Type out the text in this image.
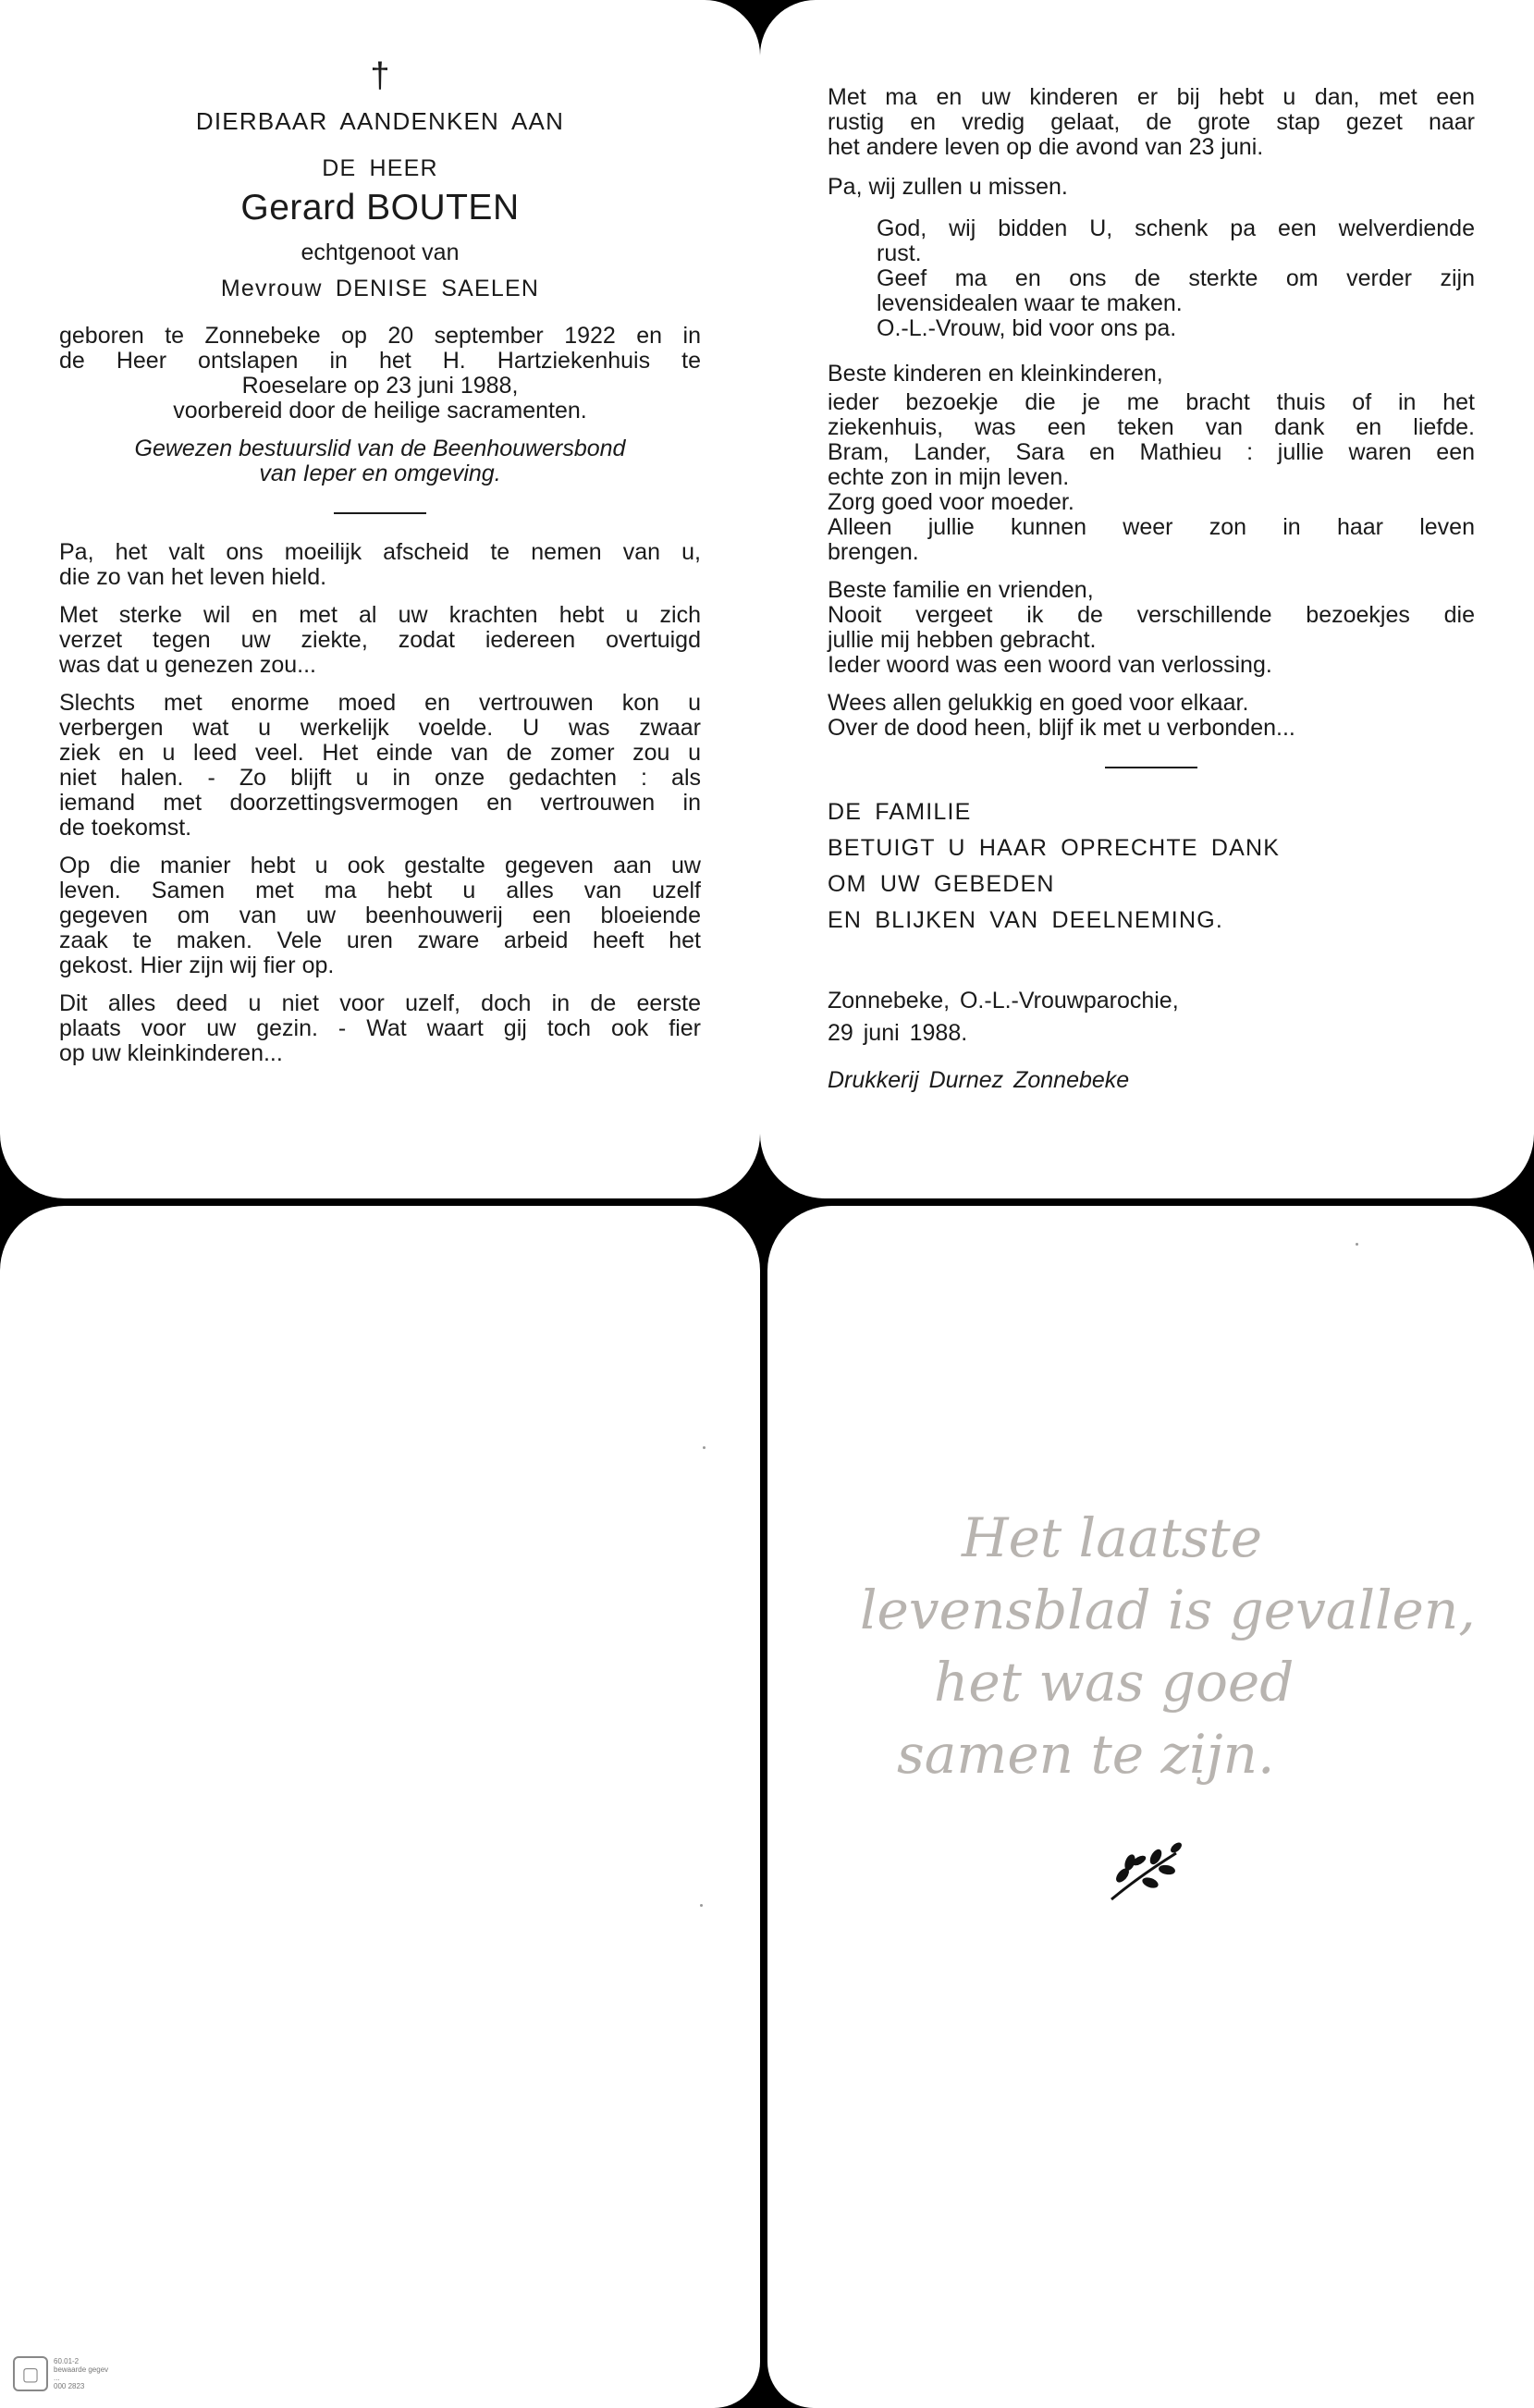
†
DIERBAAR AANDENKEN AAN
DE HEER
Gerard BOUTEN
echtgenoot van
Mevrouw DENISE SAELEN
geboren te Zonnebeke op 20 september 1922 en in
de Heer ontslapen in het H. Hartziekenhuis te
Roeselare op 23 juni 1988,
voorbereid door de heilige sacramenten.
Gewezen bestuurslid van de Beenhouwersbond
van Ieper en omgeving.

Pa, het valt ons moeilijk afscheid te nemen van u,
die zo van het leven hield.

Met sterke wil en met al uw krachten hebt u zich
verzet tegen uw ziekte, zodat iedereen overtuigd
was dat u genezen zou...

Slechts met enorme moed en vertrouwen kon u
verbergen wat u werkelijk voelde. U was zwaar
ziek en u leed veel. Het einde van de zomer zou u
niet halen. - Zo blijft u in onze gedachten : als
iemand met doorzettingsvermogen en vertrouwen in
de toekomst.

Op die manier hebt u ook gestalte gegeven aan uw
leven. Samen met ma hebt u alles van uzelf
gegeven om van uw beenhouwerij een bloeiende
zaak te maken. Vele uren zware arbeid heeft het
gekost. Hier zijn wij fier op.

Dit alles deed u niet voor uzelf, doch in de eerste
plaats voor uw gezin. - Wat waart gij toch ook fier
op uw kleinkinderen...

Met ma en uw kinderen er bij hebt u dan, met een
rustig en vredig gelaat, de grote stap gezet naar
het andere leven op die avond van 23 juni.

Pa, wij zullen u missen.

God, wij bidden U, schenk pa een welverdiende
rust.
Geef ma en ons de sterkte om verder zijn
levensidealen waar te maken.
O.-L.-Vrouw, bid voor ons pa.

Beste kinderen en kleinkinderen,
ieder bezoekje die je me bracht thuis of in het
ziekenhuis, was een teken van dank en liefde.
Bram, Lander, Sara en Mathieu : jullie waren een
echte zon in mijn leven.
Zorg goed voor moeder.
Alleen jullie kunnen weer zon in haar leven
brengen.

Beste familie en vrienden,
Nooit vergeet ik de verschillende bezoekjes die
jullie mij hebben gebracht.
Ieder woord was een woord van verlossing.

Wees allen gelukkig en goed voor elkaar.
Over de dood heen, blijf ik met u verbonden...

DE FAMILIE
BETUIGT U HAAR OPRECHTE DANK
OM UW GEBEDEN
EN BLIJKEN VAN DEELNEMING.
Zonnebeke, O.-L.-Vrouwparochie,
29 juni 1988.
Drukkerij Durnez Zonnebeke
▢
60.01-2
bewaarde gegev
...
000 2823
Het laatste
levensblad is gevallen,
het was goed
samen te zijn.
